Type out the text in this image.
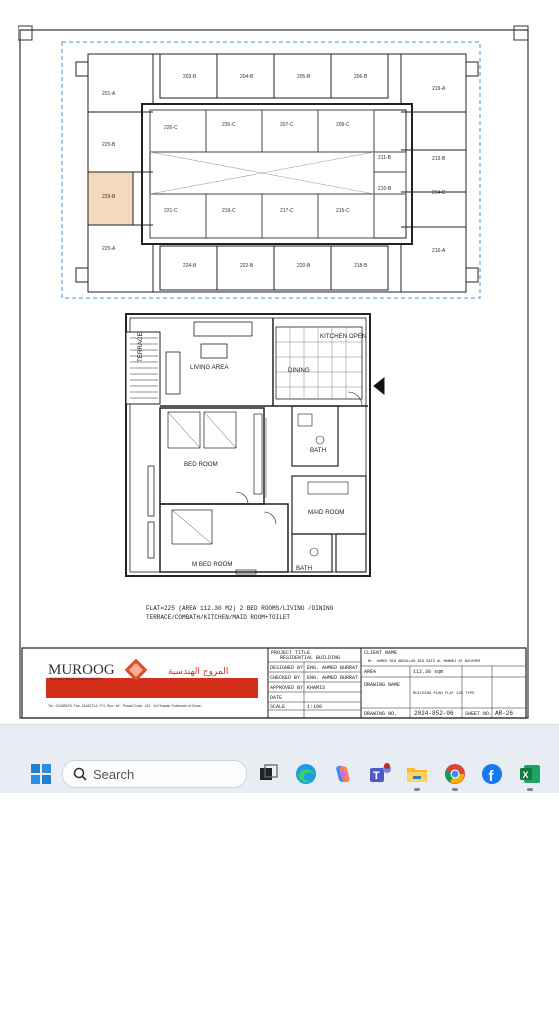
203-B	204-B	205-B	206-B
201-A
225-B
229-B
225-A
219-A
213-B
214-B
216-A
226-C	230-C	207-C	209-C
221-C	219-C	217-C	215-C
211-B
210-B
224-B	222-B	220-B	218-B
TERRACE
LIVING AREA
KITCHEN OPEN
DINING
BED ROOM
BATH
MAID ROOM
M BED ROOM
BATH
FLAT=225 (AREA 112.30 M2) 2 BED ROOMS/LIVING /DINING
TERRACE/COMBATH/KITCHEN/MAID ROOM+TOILET
MUROOG
ENGINEERING CONSULTANCY
المروج الهندسية
Tel.: 24485678, Fax: 24482714, P.O. Box: 46 · Postal Code: 133 · Al Khuwair Sultanate of Oman
PROJECT TITLE
RESIDENTIAL BUILDING
DESIGNED BY ENG. AHMED BURRAT
CHECKED BY ENG. AHMED BURRAT
APPROVED BY KHAMIS
DATE
SCALE	1:100
CLIENT NAME
Mr. AHMED BIN ABDULLAH BIN SAID AL MAMARI AT BOUSHER
AREA	112.30 sqm
DRAWING NAME
BUILDING PLAN FLAT 225 TYPE
DRAWING NO.	2024-852-06 SHEET NO. AR-26
Search	T	f	X
